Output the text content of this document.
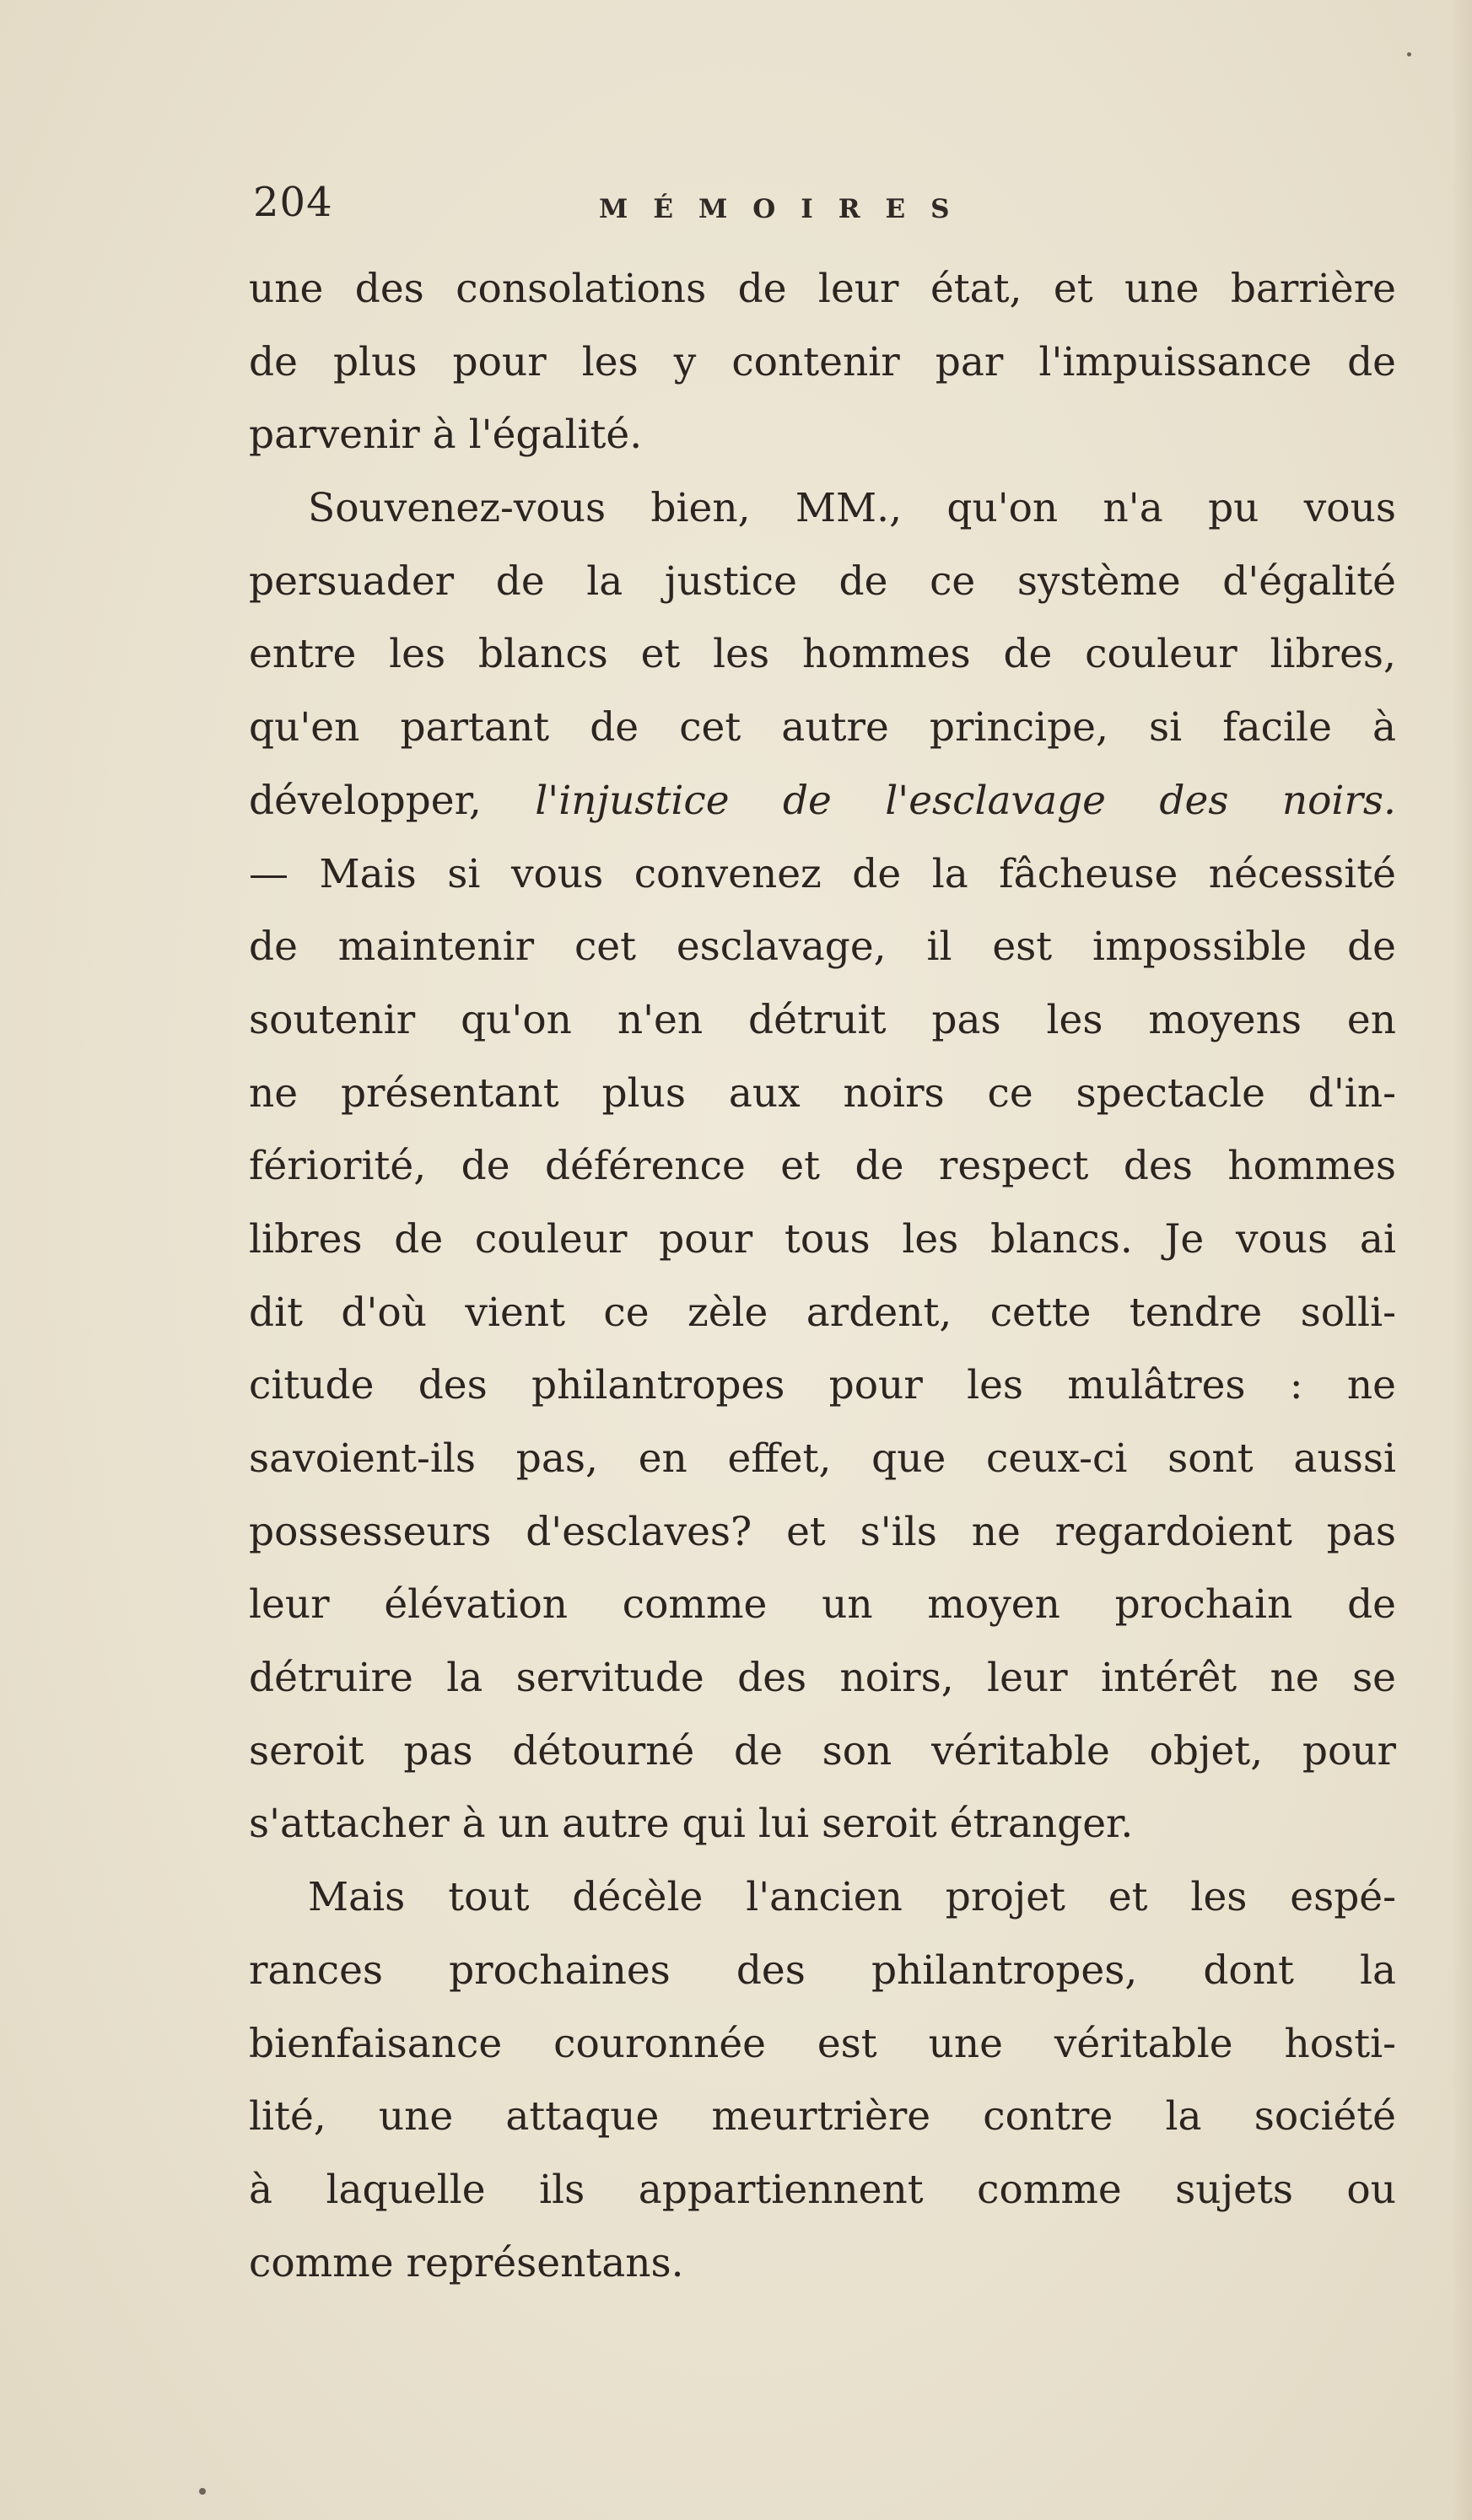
204	MÉMOIRES
une des consolations de leur état, et une barrière
de plus pour les y contenir par l'impuissance de
parvenir à l'égalité.
Souvenez-vous bien, MM., qu'on n'a pu vous
persuader de la justice de ce système d'égalité
entre les blancs et les hommes de couleur libres,
qu'en partant de cet autre principe, si facile à
développer, l'injustice de l'esclavage des noirs.
— Mais si vous convenez de la fâcheuse nécessité
de maintenir cet esclavage, il est impossible de
soutenir qu'on n'en détruit pas les moyens en
ne présentant plus aux noirs ce spectacle d'in-
fériorité, de déférence et de respect des hommes
libres de couleur pour tous les blancs. Je vous ai
dit d'où vient ce zèle ardent, cette tendre solli-
citude des philantropes pour les mulâtres : ne
savoient-ils pas, en effet, que ceux-ci sont aussi
possesseurs d'esclaves? et s'ils ne regardoient pas
leur élévation comme un moyen prochain de
détruire la servitude des noirs, leur intérêt ne se
seroit pas détourné de son véritable objet, pour
s'attacher à un autre qui lui seroit étranger.
Mais tout décèle l'ancien projet et les espé-
rances prochaines des philantropes, dont la
bienfaisance couronnée est une véritable hosti-
lité, une attaque meurtrière contre la société
à laquelle ils appartiennent comme sujets ou
comme représentans.
